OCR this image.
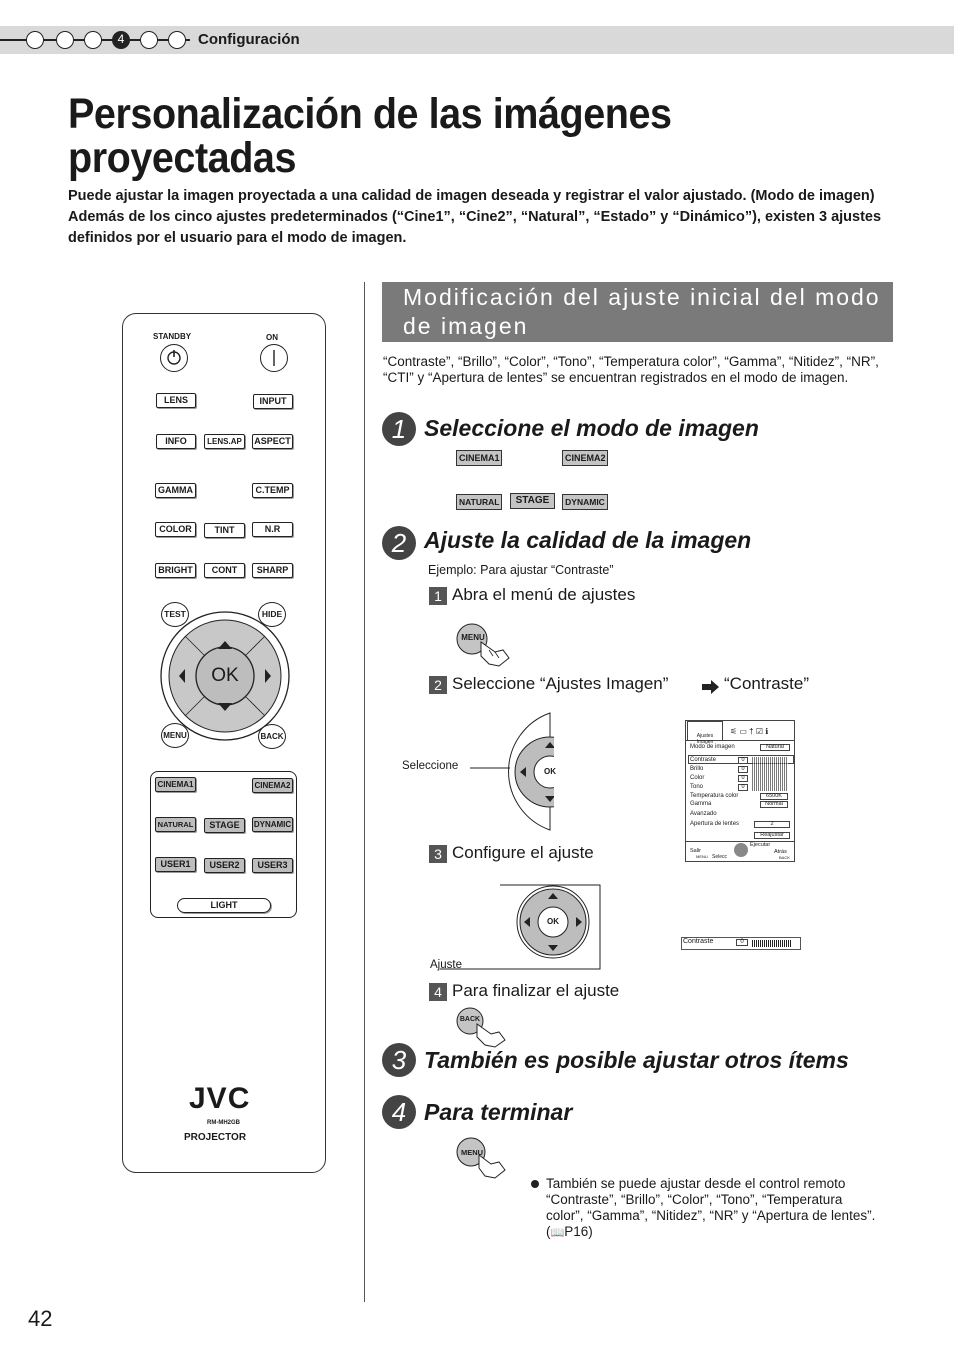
4	Configuración
Personalización de las imágenes proyectadas
Puede ajustar la imagen proyectada a una calidad de imagen deseada y registrar el valor ajustado. (Modo de imagen) Además de los cinco ajustes predeterminados (“Cine1”, “Cine2”, “Natural”, “Estado” y “Dinámico”), existen 3 ajustes definidos por el usuario para el modo de imagen.
STANDBY	ON
LENS	INPUT
INFO	LENS.AP	ASPECT
GAMMA	C.TEMP
COLOR	TINT	N.R
BRIGHT	CONT	SHARP
OK
TEST	HIDE
MENU	BACK
CINEMA1	CINEMA2
NATURAL	STAGE	DYNAMIC
USER1	USER2	USER3
LIGHT
JVC
RM-MH2GB
PROJECTOR
Modificación del ajuste inicial del modo de imagen
“Contraste”, “Brillo”, “Color”, “Tono”, “Temperatura color”, “Gamma”, “Nitidez”, “NR”, “CTI” y “Apertura de lentes” se encuentran registrados en el modo de imagen.
1 Seleccione el modo de imagen
CINEMA1	CINEMA2
NATURAL	STAGE	DYNAMIC
2 Ajuste la calidad de la imagen
Ejemplo: Para ajustar “Contraste”
1 Abra el menú de ajustes
MENU
2 Seleccione “Ajustes Imagen”	“Contraste”
OK
Seleccione
Ajustes Imagen
⚟ ▭ † ☑ ℹ
Modo de imagen	Natural
Contraste	0
Brillo	0
Color	0
Tono	0
Temperatura color	6500K
Gamma	Normal
Avanzado
Apertura de lentes	2
Reajustar
Salir
MENU
Ejecutar
Selecc
Atrás
BACK
3 Configure el ajuste
OK
Ajuste
Contraste	0
4 Para finalizar el ajuste
BACK
3 También es posible ajustar otros ítems
4 Para terminar
MENU
También se puede ajustar desde el control remoto “Contraste”, “Brillo”, “Color”, “Tono”, “Temperatura color”, “Gamma”, “Nitidez”, “NR” y “Apertura de lentes”. (📖P16)
42
